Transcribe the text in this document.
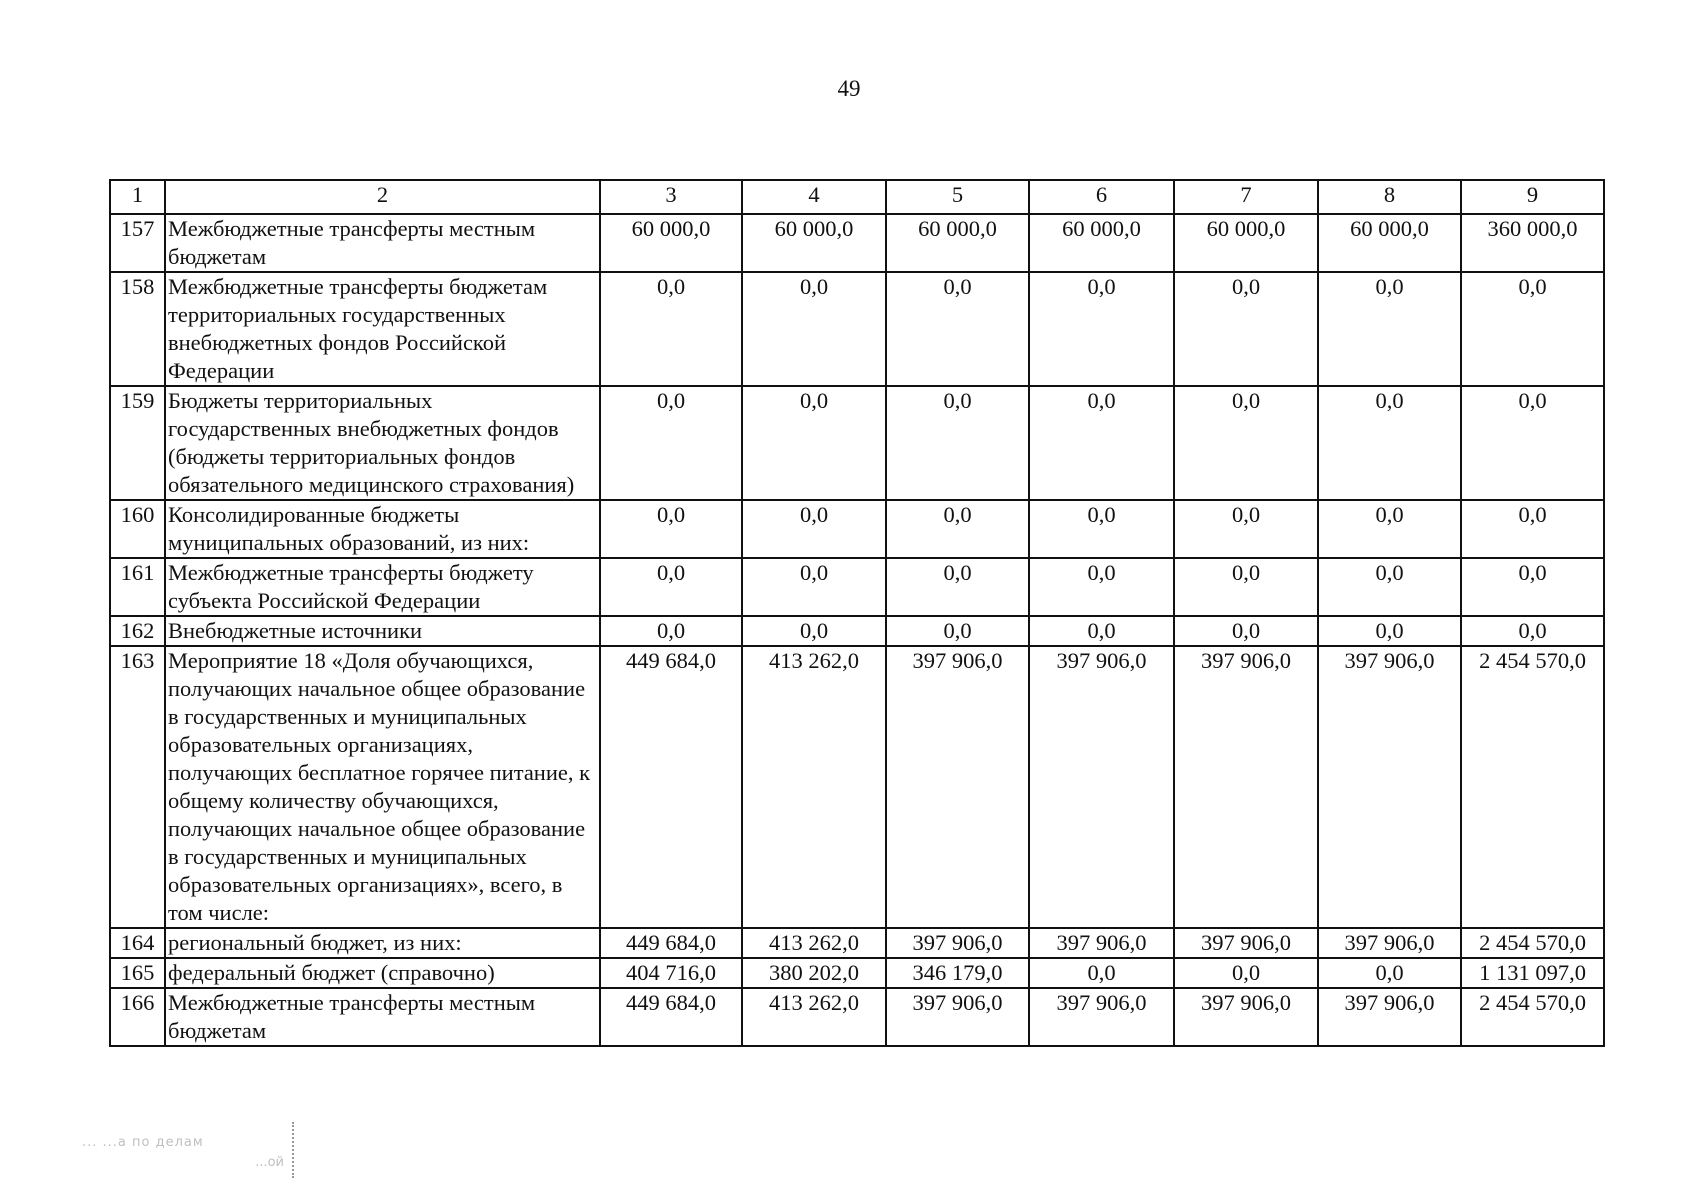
49
1	2	3	4	5	6	7	8	9
157	Межбюджетные трансферты местным бюджетам	60 000,0	60 000,0	60 000,0	60 000,0	60 000,0	60 000,0	360 000,0
158	Межбюджетные трансферты бюджетам территориальных государственных внебюджетных фондов Российской Федерации	0,0	0,0	0,0	0,0	0,0	0,0	0,0
159	Бюджеты территориальных государственных внебюджетных фондов (бюджеты территориальных фондов обязательного медицинского страхования)	0,0	0,0	0,0	0,0	0,0	0,0	0,0
160	Консолидированные бюджеты муниципальных образований, из них:	0,0	0,0	0,0	0,0	0,0	0,0	0,0
161	Межбюджетные трансферты бюджету субъекта Российской Федерации	0,0	0,0	0,0	0,0	0,0	0,0	0,0
162	Внебюджетные источники	0,0	0,0	0,0	0,0	0,0	0,0	0,0
163	Мероприятие 18 «Доля обучающихся, получающих начальное общее образование в государственных и муниципальных образовательных организациях, получающих бесплатное горячее питание, к общему количеству обучающихся, получающих начальное общее образование в государственных и муниципальных образовательных организациях», всего, в том числе:	449 684,0	413 262,0	397 906,0	397 906,0	397 906,0	397 906,0	2 454 570,0
164	региональный бюджет, из них:	449 684,0	413 262,0	397 906,0	397 906,0	397 906,0	397 906,0	2 454 570,0
165	федеральный бюджет (справочно)	404 716,0	380 202,0	346 179,0	0,0	0,0	0,0	1 131 097,0
166	Межбюджетные трансферты местным бюджетам	449 684,0	413 262,0	397 906,0	397 906,0	397 906,0	397 906,0	2 454 570,0
... ...а по делам
...ой
